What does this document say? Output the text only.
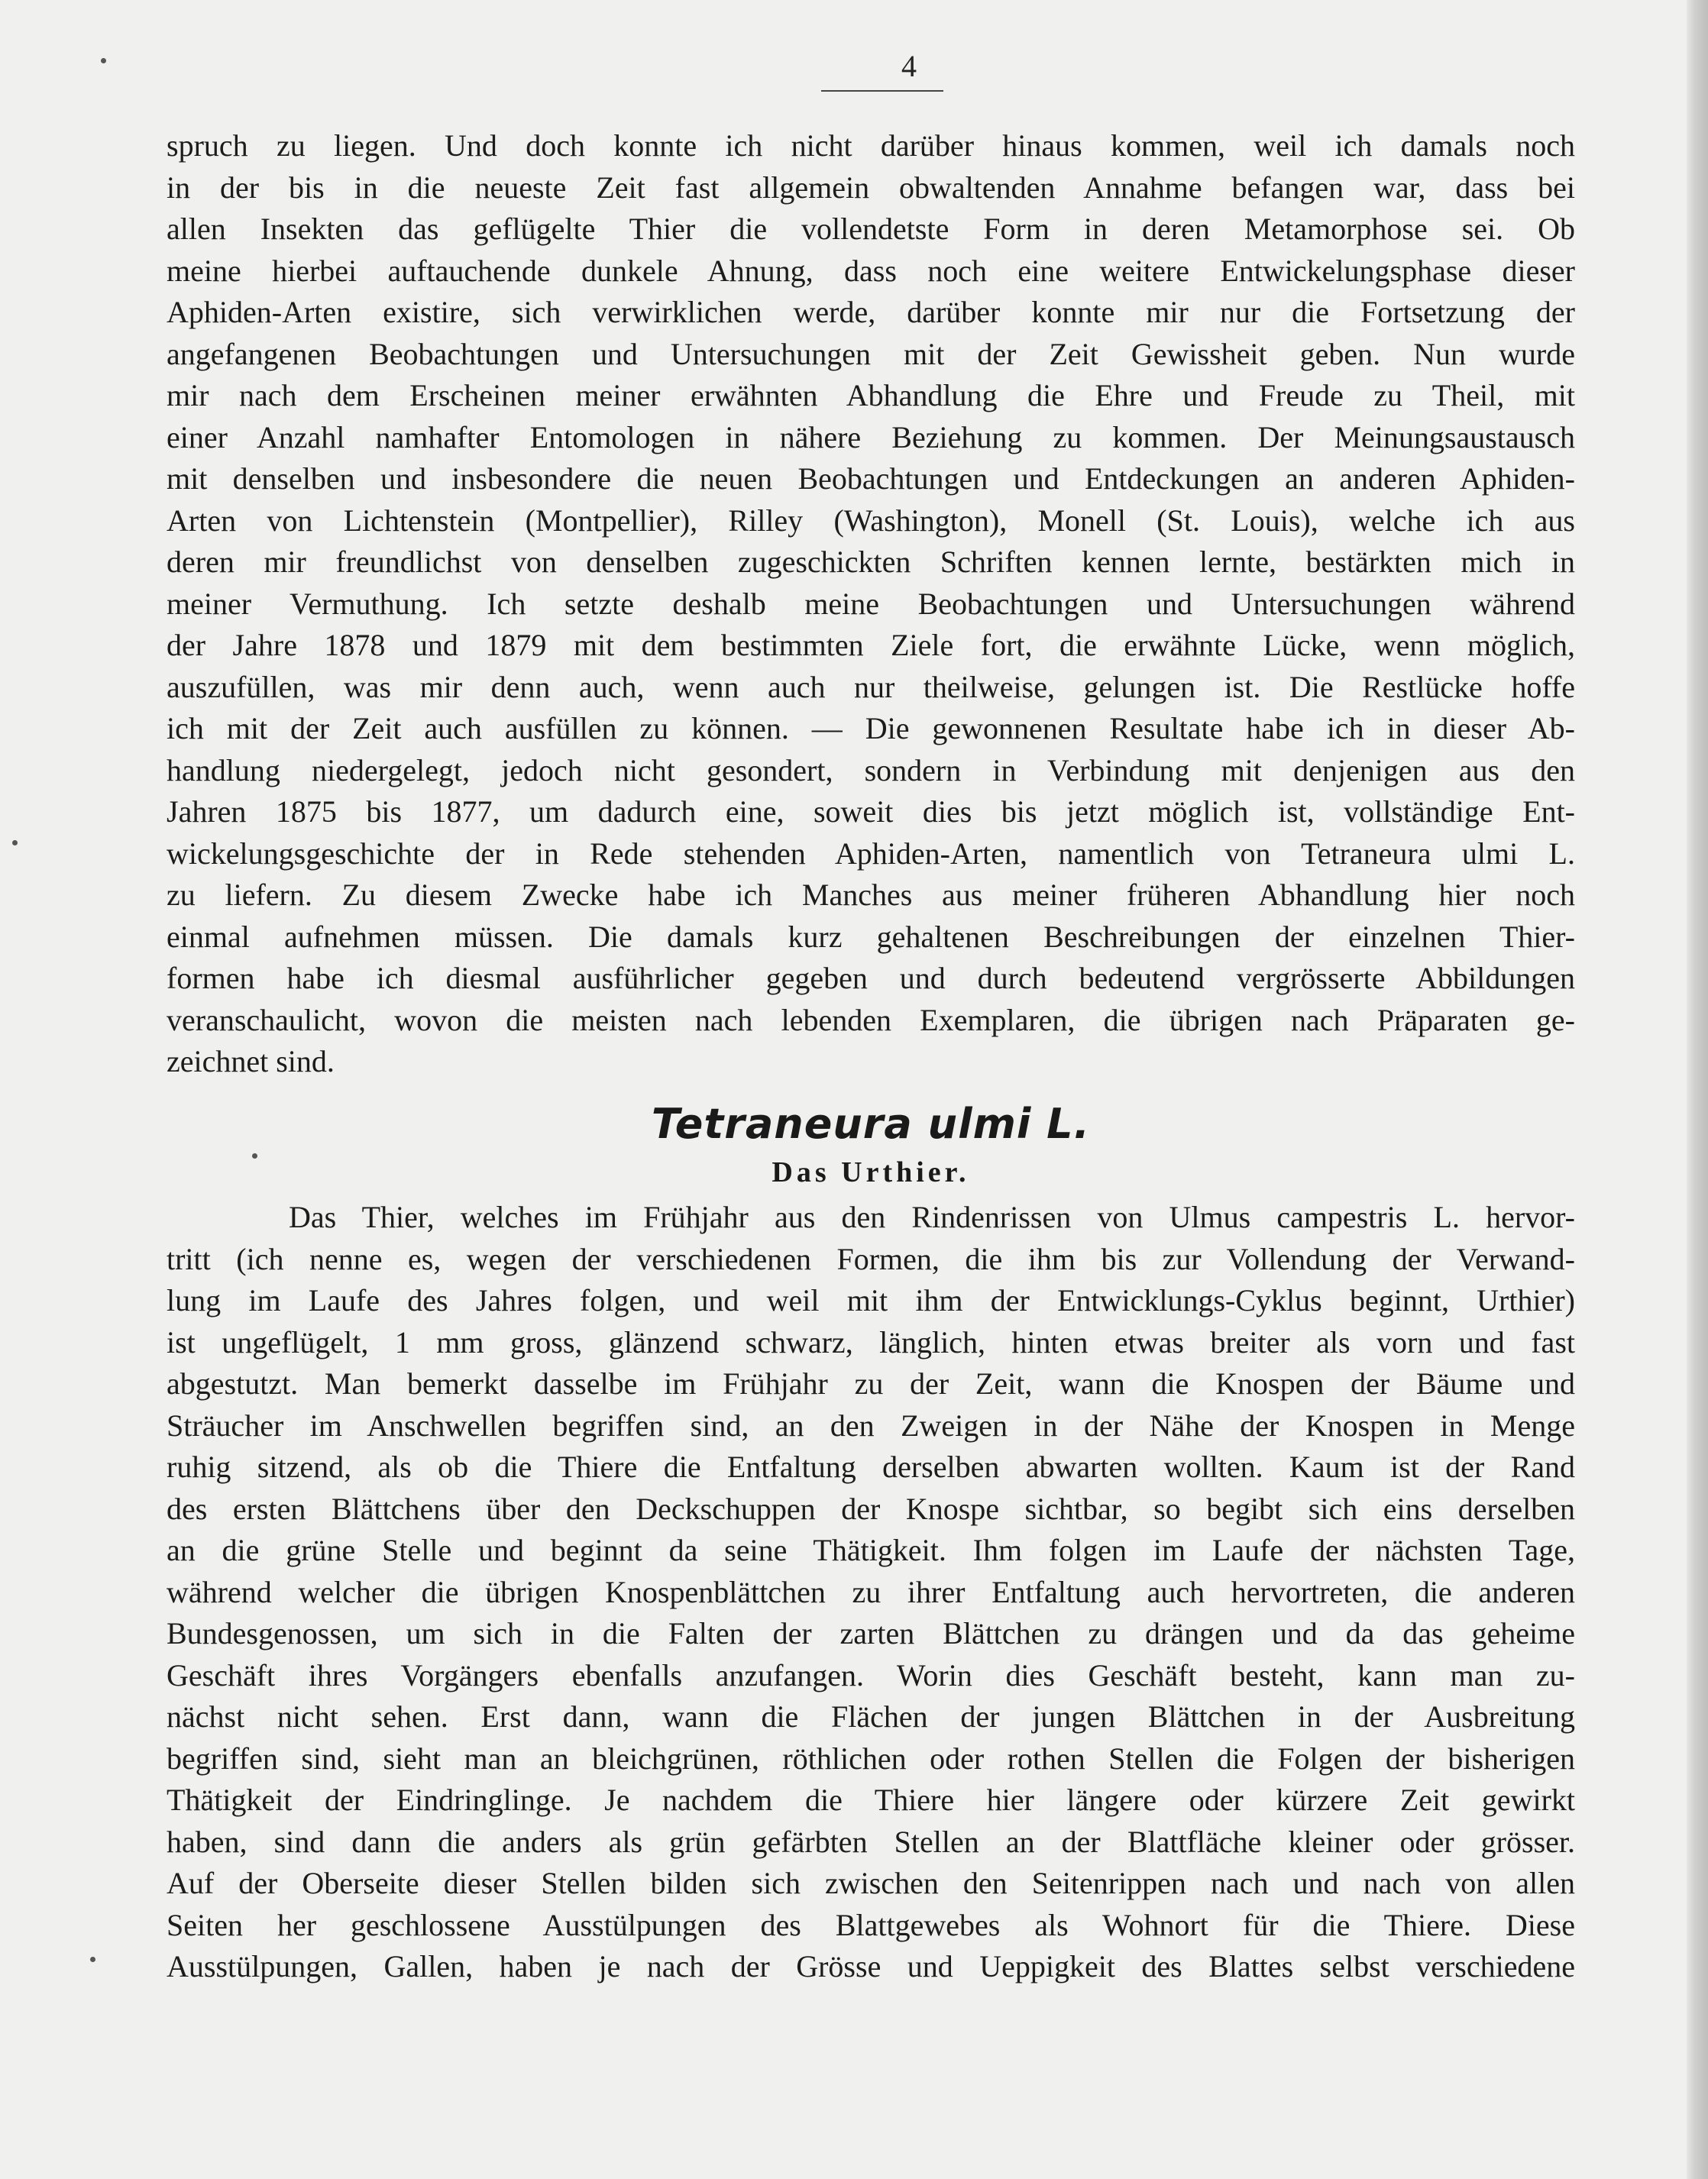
4
spruch zu liegen. Und doch konnte ich nicht darüber hinaus kommen, weil ich damals noch
in der bis in die neueste Zeit fast allgemein obwaltenden Annahme befangen war, dass bei
allen Insekten das geflügelte Thier die vollendetste Form in deren Metamorphose sei. Ob
meine hierbei auftauchende dunkele Ahnung, dass noch eine weitere Entwickelungsphase dieser
Aphiden-Arten existire, sich verwirklichen werde, darüber konnte mir nur die Fortsetzung der
angefangenen Beobachtungen und Untersuchungen mit der Zeit Gewissheit geben. Nun wurde
mir nach dem Erscheinen meiner erwähnten Abhandlung die Ehre und Freude zu Theil, mit
einer Anzahl namhafter Entomologen in nähere Beziehung zu kommen. Der Meinungsaustausch
mit denselben und insbesondere die neuen Beobachtungen und Entdeckungen an anderen Aphiden-
Arten von Lichtenstein (Montpellier), Rilley (Washington), Monell (St. Louis), welche ich aus
deren mir freundlichst von denselben zugeschickten Schriften kennen lernte, bestärkten mich in
meiner Vermuthung. Ich setzte deshalb meine Beobachtungen und Untersuchungen während
der Jahre 1878 und 1879 mit dem bestimmten Ziele fort, die erwähnte Lücke, wenn möglich,
auszufüllen, was mir denn auch, wenn auch nur theilweise, gelungen ist. Die Restlücke hoffe
ich mit der Zeit auch ausfüllen zu können. — Die gewonnenen Resultate habe ich in dieser Ab-
handlung niedergelegt, jedoch nicht gesondert, sondern in Verbindung mit denjenigen aus den
Jahren 1875 bis 1877, um dadurch eine, soweit dies bis jetzt möglich ist, vollständige Ent-
wickelungsgeschichte der in Rede stehenden Aphiden-Arten, namentlich von Tetraneura ulmi L.
zu liefern. Zu diesem Zwecke habe ich Manches aus meiner früheren Abhandlung hier noch
einmal aufnehmen müssen. Die damals kurz gehaltenen Beschreibungen der einzelnen Thier-
formen habe ich diesmal ausführlicher gegeben und durch bedeutend vergrösserte Abbildungen
veranschaulicht, wovon die meisten nach lebenden Exemplaren, die übrigen nach Präparaten ge-
zeichnet sind.
Tetraneura ulmi L.
Das Urthier.
Das Thier, welches im Frühjahr aus den Rindenrissen von Ulmus campestris L. hervor-
tritt (ich nenne es, wegen der verschiedenen Formen, die ihm bis zur Vollendung der Verwand-
lung im Laufe des Jahres folgen, und weil mit ihm der Entwicklungs-Cyklus beginnt, Urthier)
ist ungeflügelt, 1 mm gross, glänzend schwarz, länglich, hinten etwas breiter als vorn und fast
abgestutzt. Man bemerkt dasselbe im Frühjahr zu der Zeit, wann die Knospen der Bäume und
Sträucher im Anschwellen begriffen sind, an den Zweigen in der Nähe der Knospen in Menge
ruhig sitzend, als ob die Thiere die Entfaltung derselben abwarten wollten. Kaum ist der Rand
des ersten Blättchens über den Deckschuppen der Knospe sichtbar, so begibt sich eins derselben
an die grüne Stelle und beginnt da seine Thätigkeit. Ihm folgen im Laufe der nächsten Tage,
während welcher die übrigen Knospenblättchen zu ihrer Entfaltung auch hervortreten, die anderen
Bundesgenossen, um sich in die Falten der zarten Blättchen zu drängen und da das geheime
Geschäft ihres Vorgängers ebenfalls anzufangen. Worin dies Geschäft besteht, kann man zu-
nächst nicht sehen. Erst dann, wann die Flächen der jungen Blättchen in der Ausbreitung
begriffen sind, sieht man an bleichgrünen, röthlichen oder rothen Stellen die Folgen der bisherigen
Thätigkeit der Eindringlinge. Je nachdem die Thiere hier längere oder kürzere Zeit gewirkt
haben, sind dann die anders als grün gefärbten Stellen an der Blattfläche kleiner oder grösser.
Auf der Oberseite dieser Stellen bilden sich zwischen den Seitenrippen nach und nach von allen
Seiten her geschlossene Ausstülpungen des Blattgewebes als Wohnort für die Thiere. Diese
Ausstülpungen, Gallen, haben je nach der Grösse und Ueppigkeit des Blattes selbst verschiedene
